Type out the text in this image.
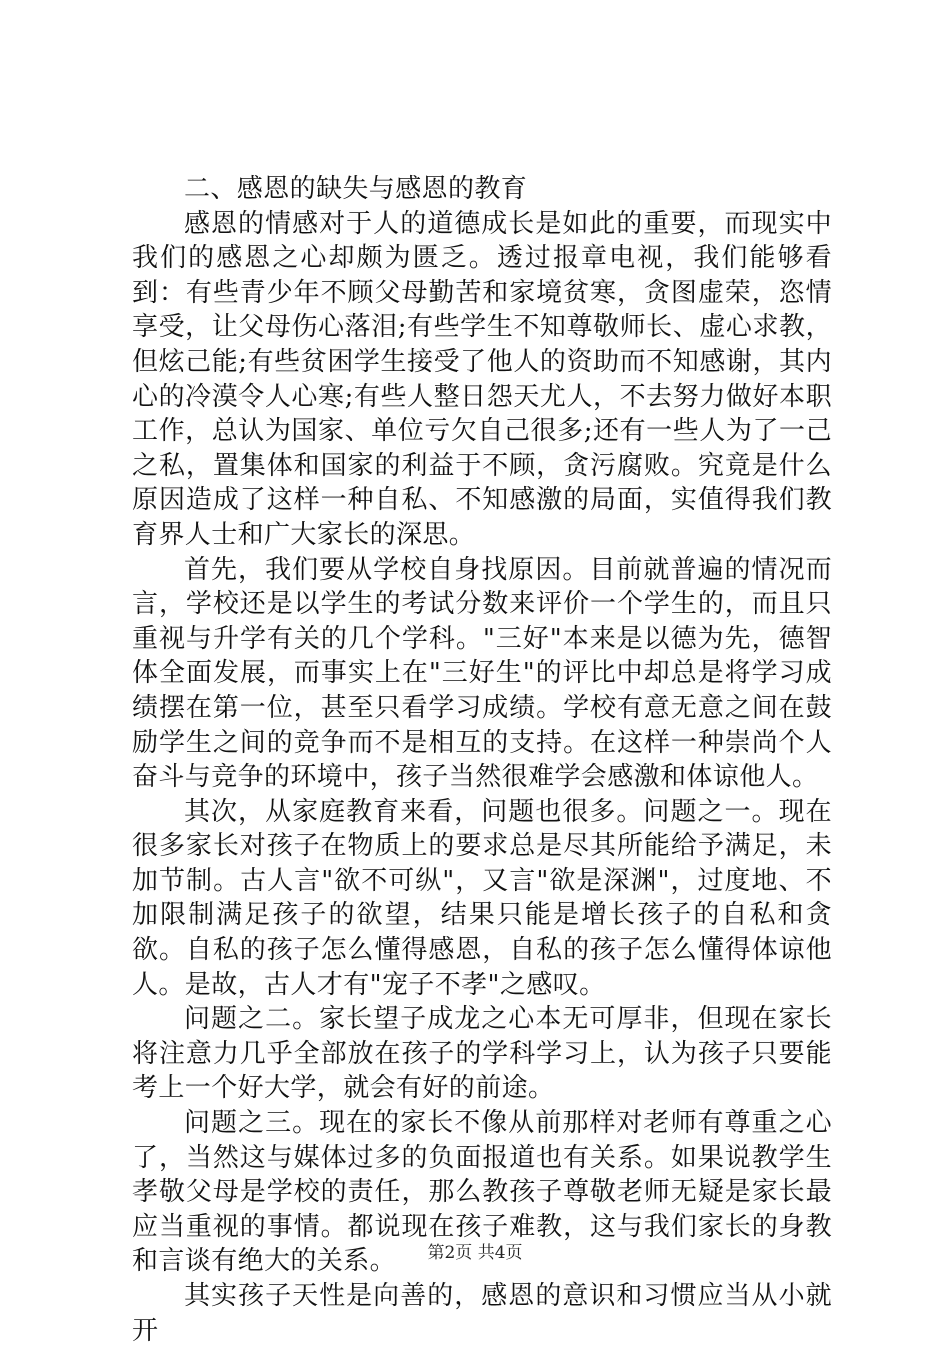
二、感恩的缺失与感恩的教育

感恩的情感对于人的道德成长是如此的重要，而现实中我们的感恩之心却颇为匮乏。透过报章电视，我们能够看到：有些青少年不顾父母勤苦和家境贫寒，贪图虚荣，恣情享受，让父母伤心落泪;有些学生不知尊敬师长、虚心求教，但炫己能;有些贫困学生接受了他人的资助而不知感谢，其内心的冷漠令人心寒;有些人整日怨天尤人，不去努力做好本职工作，总认为国家、单位亏欠自己很多;还有一些人为了一己之私，置集体和国家的利益于不顾，贪污腐败。究竟是什么原因造成了这样一种自私、不知感激的局面，实值得我们教育界人士和广大家长的深思。

首先，我们要从学校自身找原因。目前就普遍的情况而言，学校还是以学生的考试分数来评价一个学生的，而且只重视与升学有关的几个学科。"三好"本来是以德为先，德智体全面发展，而事实上在"三好生"的评比中却总是将学习成绩摆在第一位，甚至只看学习成绩。学校有意无意之间在鼓励学生之间的竞争而不是相互的支持。在这样一种崇尚个人奋斗与竞争的环境中，孩子当然很难学会感激和体谅他人。

其次，从家庭教育来看，问题也很多。问题之一。现在很多家长对孩子在物质上的要求总是尽其所能给予满足，未加节制。古人言"欲不可纵"，又言"欲是深渊"，过度地、不加限制满足孩子的欲望，结果只能是增长孩子的自私和贪欲。自私的孩子怎么懂得感恩，自私的孩子怎么懂得体谅他人。是故，古人才有"宠子不孝"之感叹。

问题之二。家长望子成龙之心本无可厚非，但现在家长将注意力几乎全部放在孩子的学科学习上，认为孩子只要能考上一个好大学，就会有好的前途。

问题之三。现在的家长不像从前那样对老师有尊重之心了，当然这与媒体过多的负面报道也有关系。如果说教学生孝敬父母是学校的责任，那么教孩子尊敬老师无疑是家长最应当重视的事情。都说现在孩子难教，这与我们家长的身教和言谈有绝大的关系。

其实孩子天性是向善的，感恩的意识和习惯应当从小就开

第2页 共4页
